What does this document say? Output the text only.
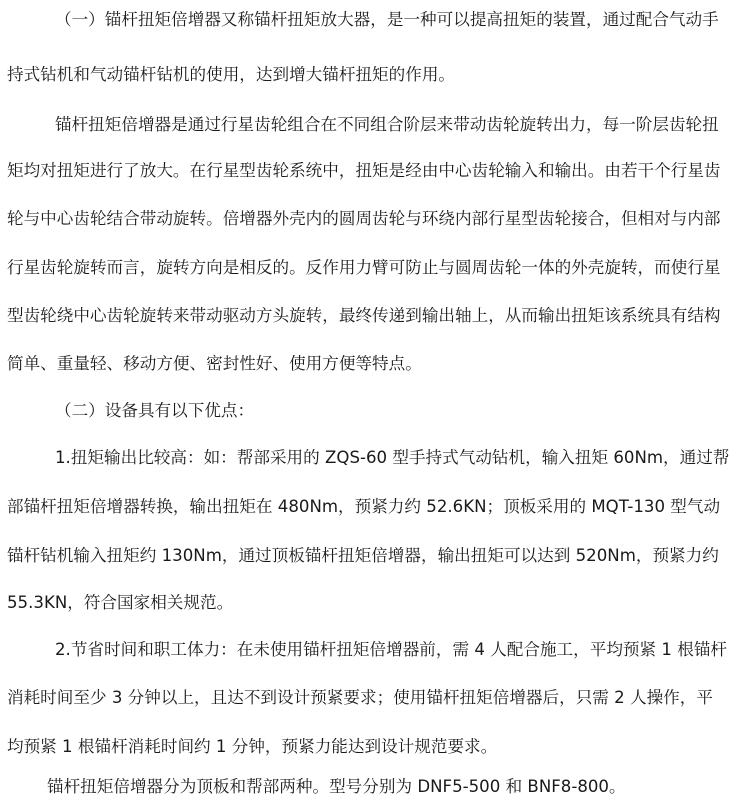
（一）锚杆扭矩倍增器又称锚杆扭矩放大器，是一种可以提高扭矩的装置，通过配合气动手
持式钻机和气动锚杆钻机的使用，达到增大锚杆扭矩的作用。
锚杆扭矩倍增器是通过行星齿轮组合在不同组合阶层来带动齿轮旋转出力，每一阶层齿轮扭
矩均对扭矩进行了放大。在行星型齿轮系统中，扭矩是经由中心齿轮输入和输出。由若干个行星齿
轮与中心齿轮结合带动旋转。倍增器外壳内的圆周齿轮与环绕内部行星型齿轮接合，但相对与内部
行星齿轮旋转而言，旋转方向是相反的。反作用力臂可防止与圆周齿轮一体的外壳旋转，而使行星
型齿轮绕中心齿轮旋转来带动驱动方头旋转，最终传递到输出轴上，从而输出扭矩该系统具有结构
简单、重量轻、移动方便、密封性好、使用方便等特点。
（二）设备具有以下优点：
1.扭矩输出比较高：如：帮部采用的 ZQS-60 型手持式气动钻机，输入扭矩 60Nm，通过帮
部锚杆扭矩倍增器转换，输出扭矩在 480Nm，预紧力约 52.6KN；顶板采用的 MQT-130 型气动
锚杆钻机输入扭矩约 130Nm，通过顶板锚杆扭矩倍增器，输出扭矩可以达到 520Nm，预紧力约
55.3KN，符合国家相关规范。
2.节省时间和职工体力：在未使用锚杆扭矩倍增器前，需 4 人配合施工，平均预紧 1 根锚杆
消耗时间至少 3 分钟以上，且达不到设计预紧要求；使用锚杆扭矩倍增器后，只需 2 人操作，平
均预紧 1 根锚杆消耗时间约 1 分钟，预紧力能达到设计规范要求。
锚杆扭矩倍增器分为顶板和帮部两种。型号分别为 DNF5-500 和 BNF8-800。
